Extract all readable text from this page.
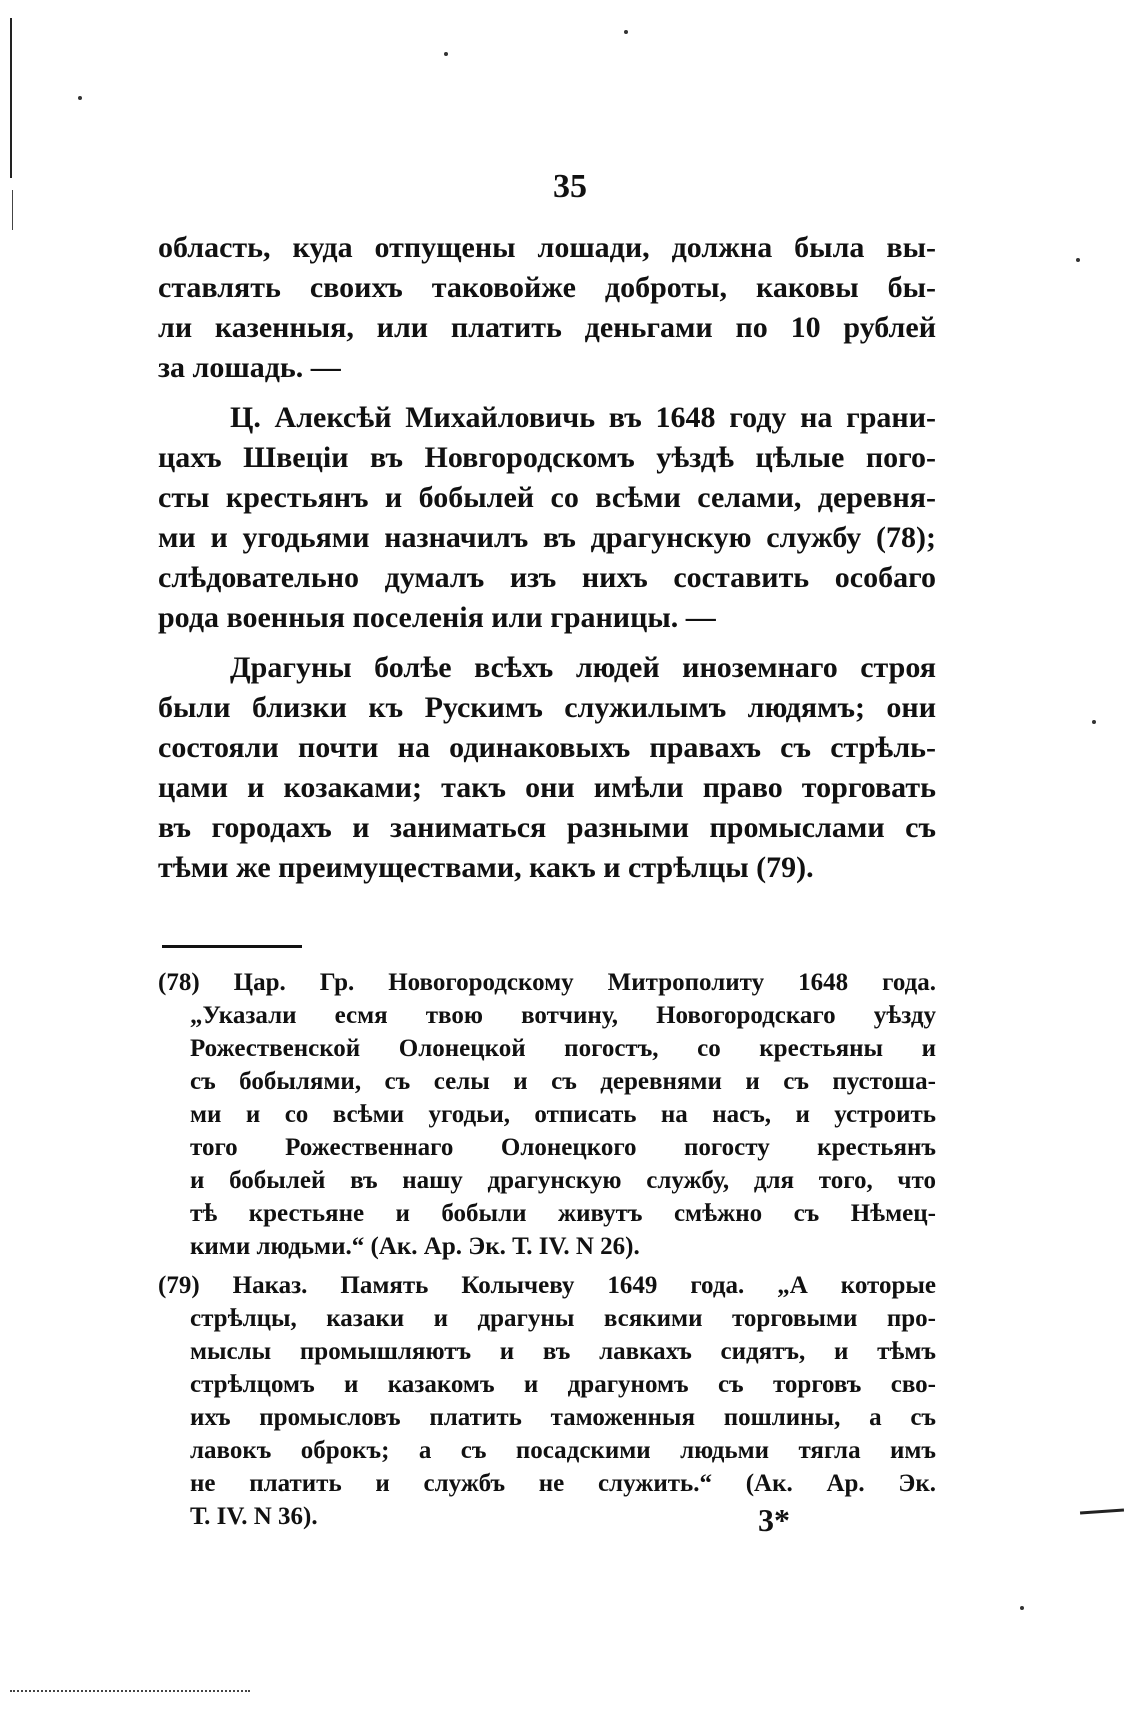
35
область, куда отпущены лошади, должна была вы-
ставлять своихъ таковойже доброты, каковы бы-
ли казенныя, или платить деньгами по 10 рублей
за лошадь. —
Ц. Алексѣй Михайловичь въ 1648 году на грани-
цахъ Швеціи въ Новгородскомъ уѣздѣ цѣлые пого-
сты крестьянъ и бобылей со всѣми селами, деревня-
ми и угодьями назначилъ въ драгунскую службу (78);
слѣдовательно думалъ изъ нихъ составить особаго
рода военныя поселенія или границы. —
Драгуны болѣе всѣхъ людей иноземнаго строя
были близки къ Рускимъ служилымъ людямъ; они
состояли почти на одинаковыхъ правахъ съ стрѣль-
цами и козаками; такъ они имѣли право торговать
въ городахъ и заниматься разными промыслами съ
тѣми же преимуществами, какъ и стрѣлцы (79).
(78) Цар. Гр. Новогородскому Митрополиту 1648 года.
„Указали есмя твою вотчину, Новогородскаго уѣзду
Рожественской Олонецкой погостъ, со крестьяны и
съ бобылями, съ селы и съ деревнями и съ пустоша-
ми и со всѣми угодьи, отписать на насъ, и устроить
того Рожественнаго Олонецкого погосту крестьянъ
и бобылей въ нашу драгунскую службу, для того, что
тѣ крестьяне и бобыли живутъ смѣжно съ Нѣмец-
кими людьми.“ (Ак. Ар. Эк. Т. IV. N 26).
(79) Наказ. Память Колычеву 1649 года. „А которые
стрѣлцы, казаки и драгуны всякими торговыми про-
мыслы промышляютъ и въ лавкахъ сидятъ, и тѣмъ
стрѣлцомъ и казакомъ и драгуномъ съ торговъ сво-
ихъ промысловъ платить таможенныя пошлины, а съ
лавокъ оброкъ; а съ посадскими людьми тягла имъ
не платить и службъ не служить.“ (Ак. Ар. Эк.
Т. IV. N 36).	3*
